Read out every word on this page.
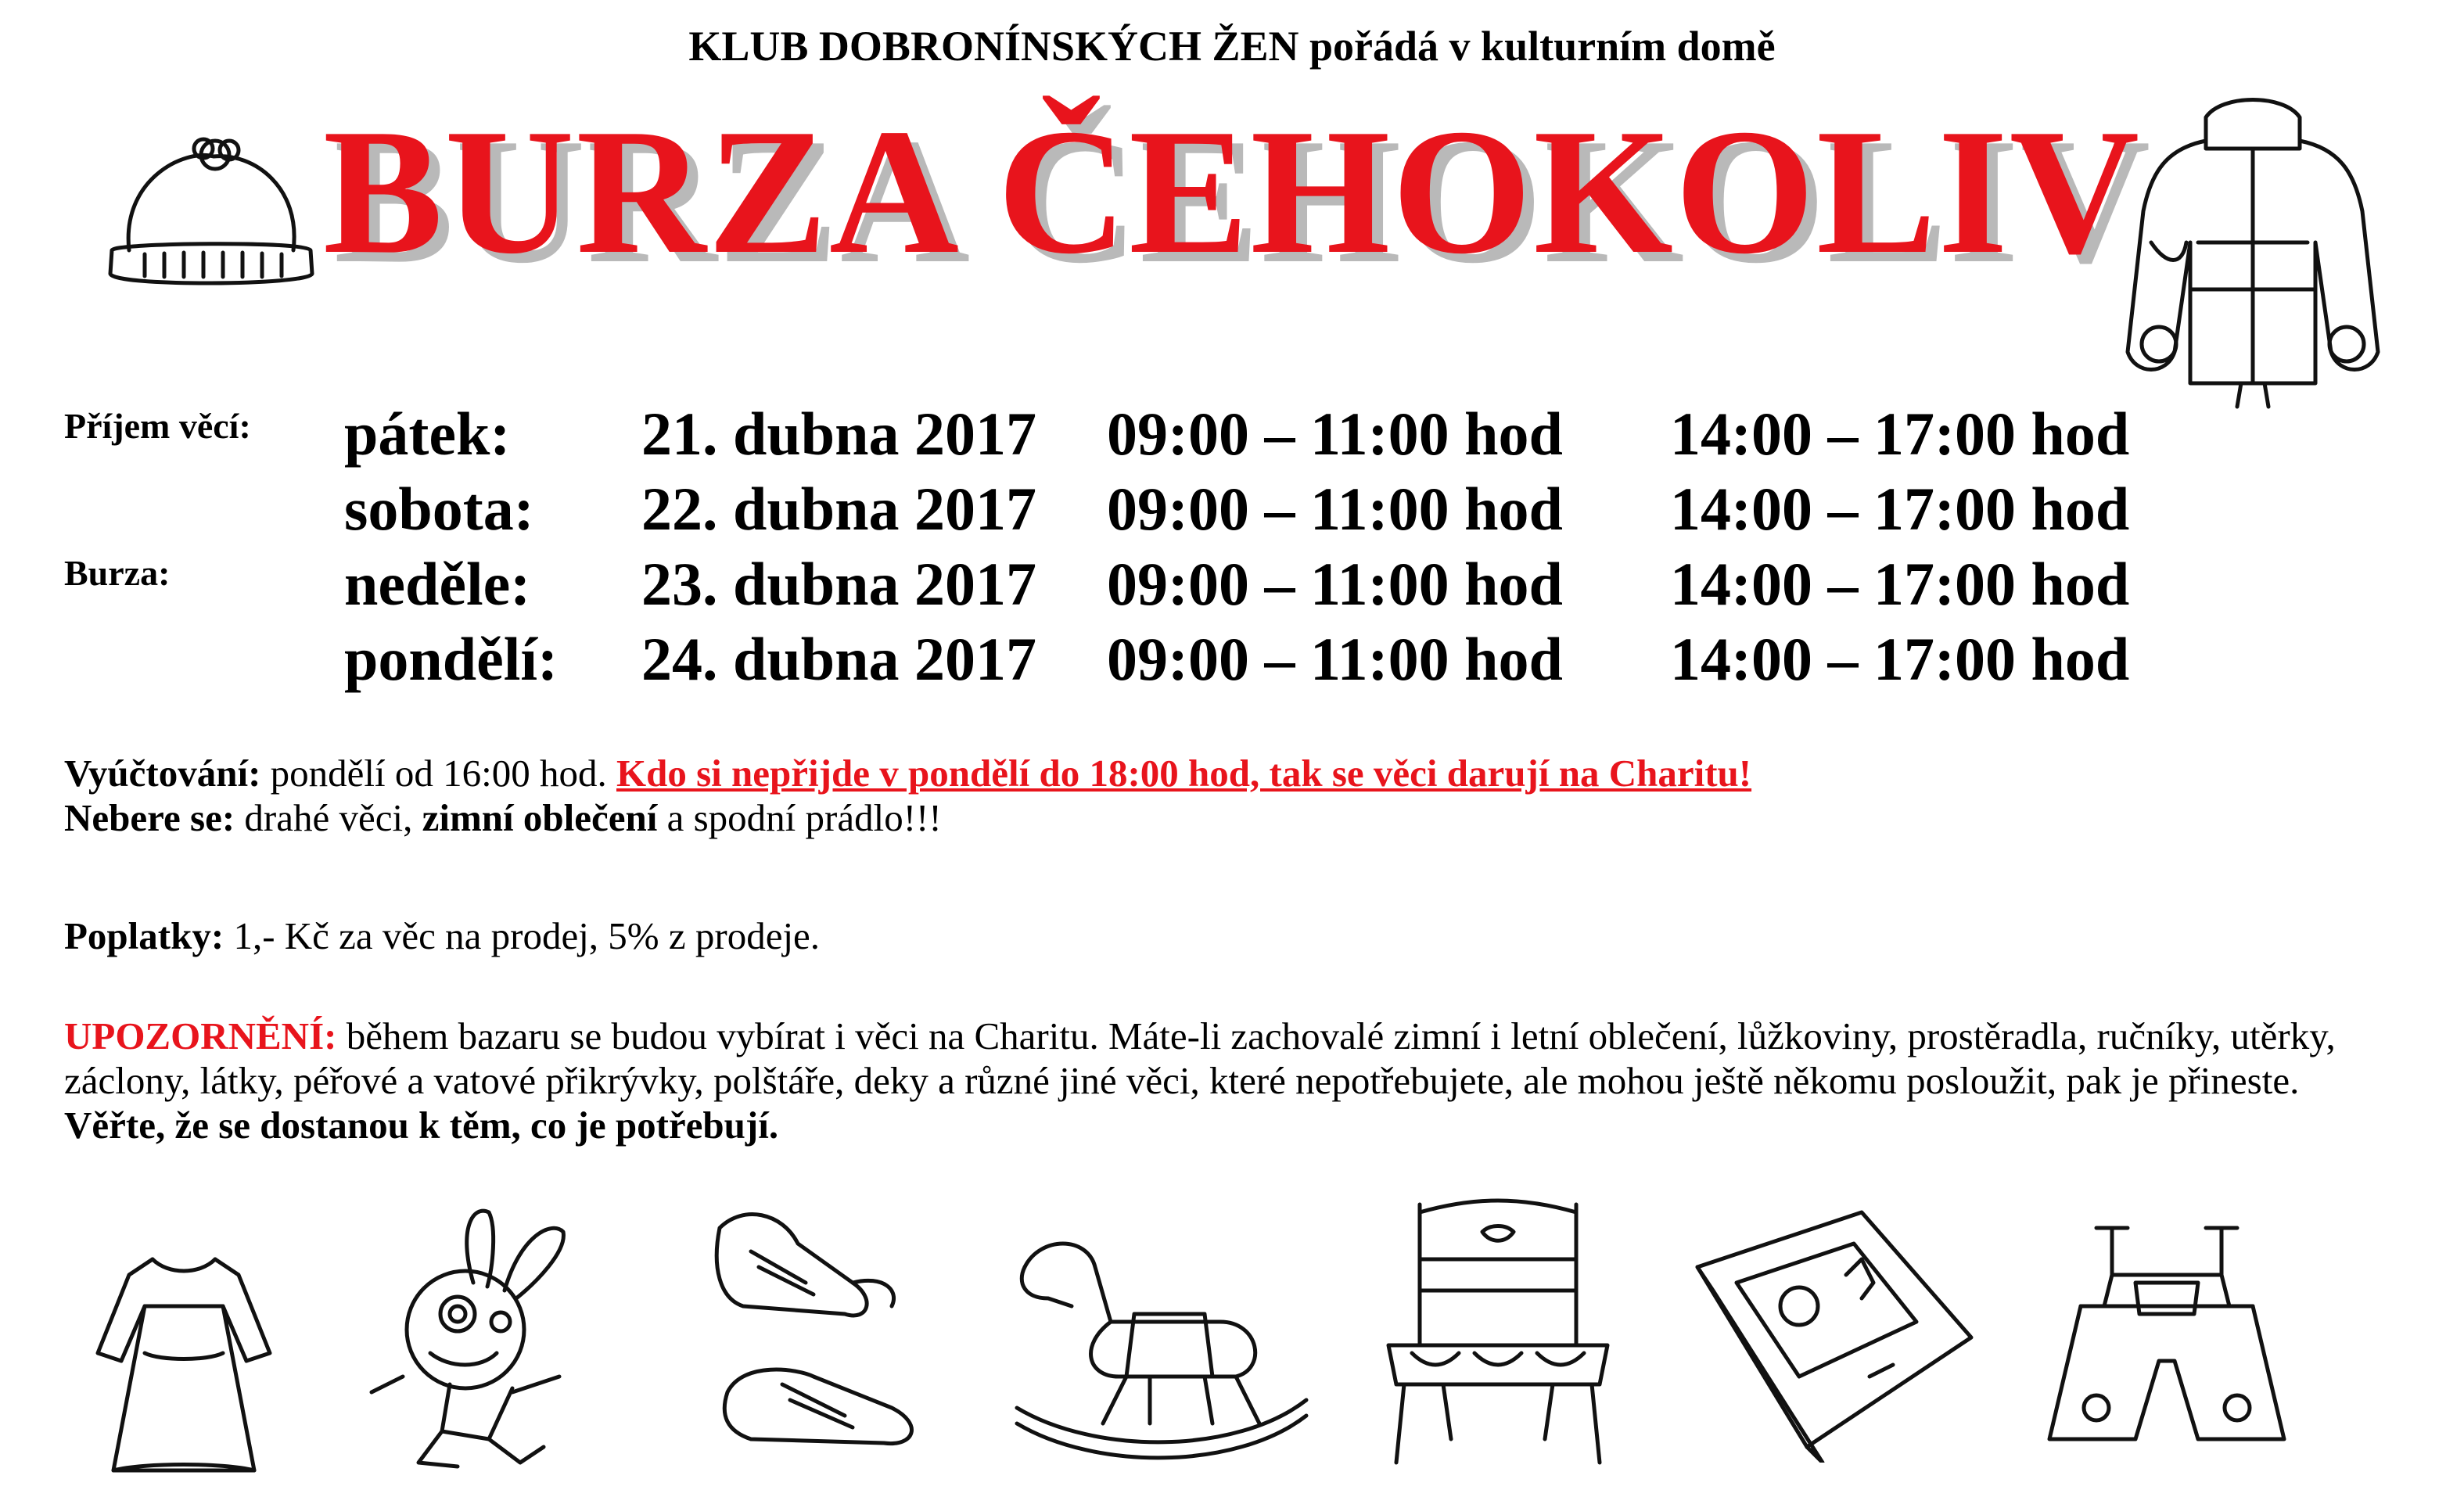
KLUB DOBRONÍNSKÝCH ŽEN pořádá v kulturním domě
BURZA ČEHOKOLIV
Příjem věcí:
Burza:
pátek: 21. dubna 2017 09:00 – 11:00 hod 14:00 – 17:00 hod
sobota: 22. dubna 2017 09:00 – 11:00 hod 14:00 – 17:00 hod
neděle: 23. dubna 2017 09:00 – 11:00 hod 14:00 – 17:00 hod
pondělí: 24. dubna 2017 09:00 – 11:00 hod 14:00 – 17:00 hod
Vyúčtování: pondělí od 16:00 hod. Kdo si nepřijde v pondělí do 18:00 hod, tak se věci darují na Charitu!
Nebere se: drahé věci, zimní oblečení a spodní prádlo!!!
Poplatky: 1,- Kč za věc na prodej, 5% z prodeje.
UPOZORNĚNÍ: během bazaru se budou vybírat i věci na Charitu. Máte-li zachovalé zimní i letní oblečení, lůžkoviny, prostěradla, ručníky, utěrky, záclony, látky, péřové a vatové přikrývky, polštáře, deky a různé jiné věci, které nepotřebujete, ale mohou ještě někomu posloužit, pak je přineste. Věřte, že se dostanou k těm, co je potřebují.
